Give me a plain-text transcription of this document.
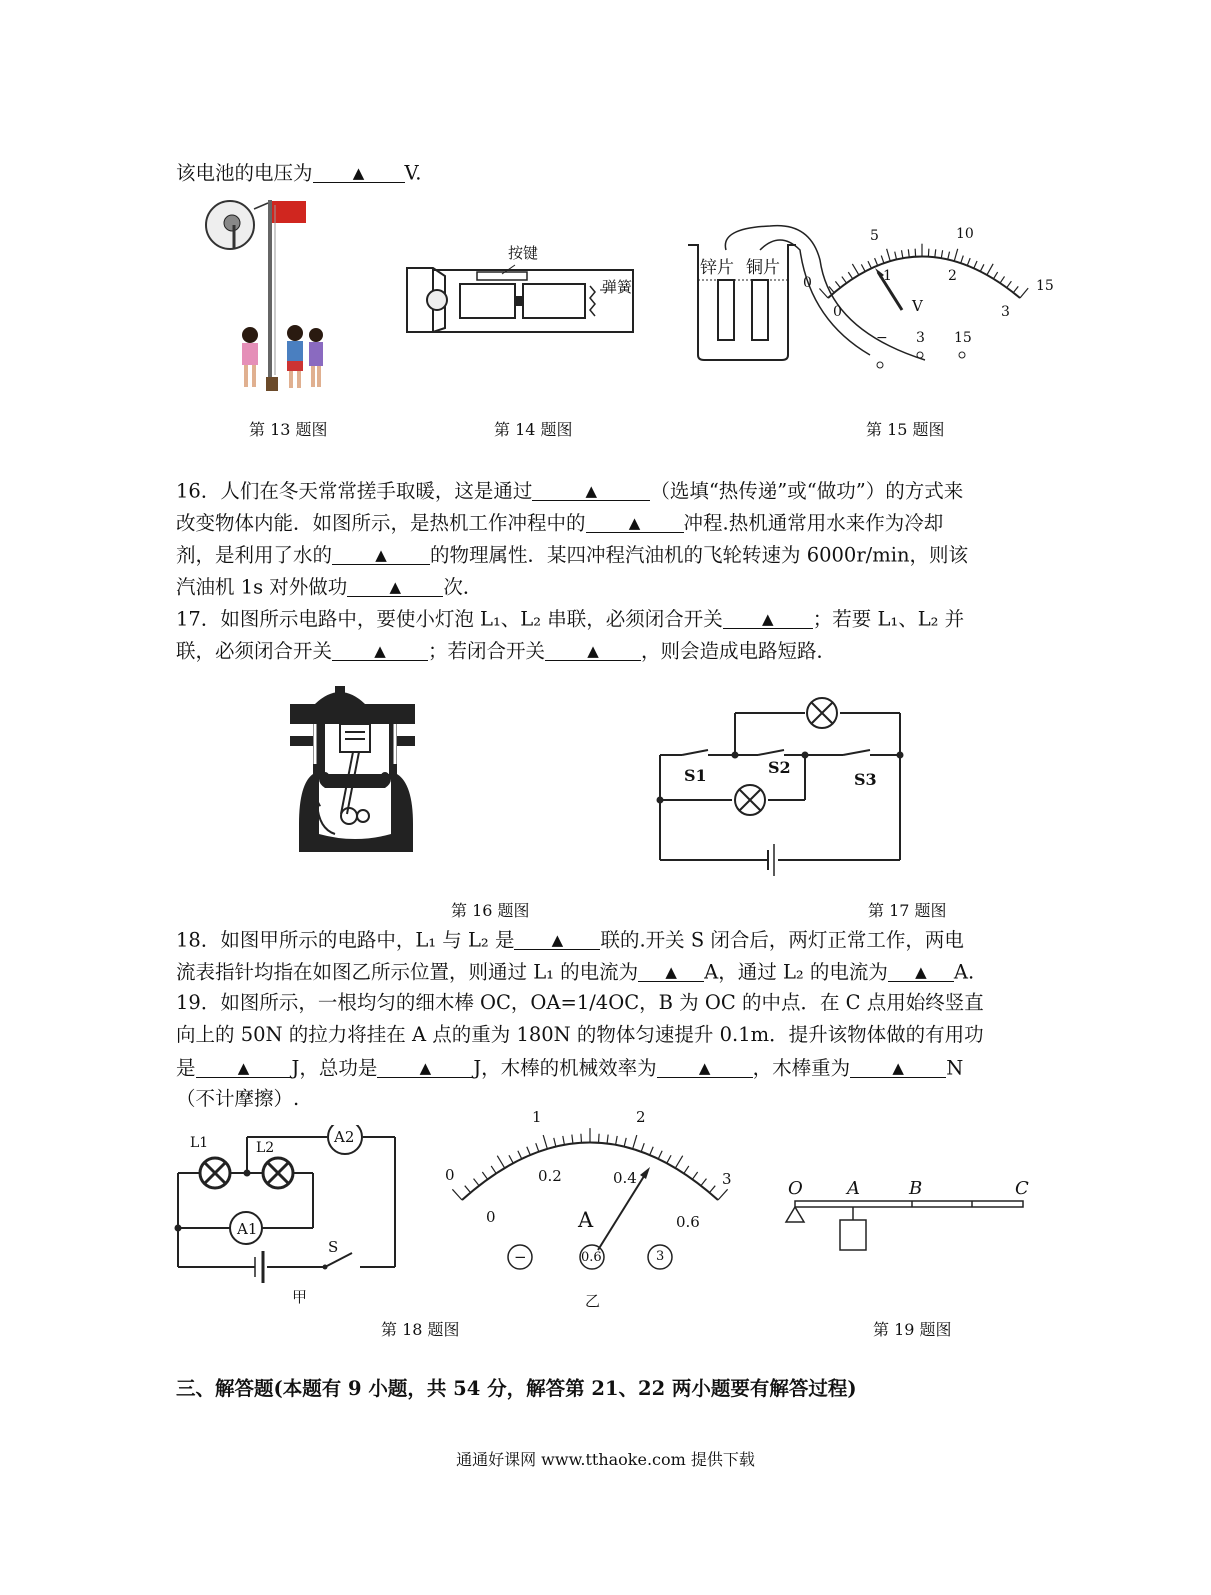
该电池的电压为	▲ V.
按键
弹簧
锌片 铜片
V
0
5	10
15
0
1	2
3
− 3 15
第 13 题图	第 14 题图	第 15 题图
16．人们在冬天常常搓手取暖，这是通过	▲	（选填“热传递”或“做功”）的方式来
改变物体内能．如图所示，是热机工作冲程中的	▲ 冲程.热机通常用水来作为冷却
剂，是利用了水的	▲ 的物理属性．某四冲程汽油机的飞轮转速为 6000r/min，则该
汽油机 1s 对外做功	▲ 次．
17．如图所示电路中，要使小灯泡 L₁、L₂ 串联，必须闭合开关	▲ ；若要 L₁、L₂ 并
联，必须闭合开关	▲ ；若闭合开关	▲ ，则会造成电路短路．
S1	S2
S3
第 16 题图	第 17 题图
18．如图甲所示的电路中，L₁ 与 L₂ 是 ▲ 联的.开关 S 闭合后，两灯正常工作，两电
流表指针均指在如图乙所示位置，则通过 L₁ 的电流为 ▲ A，通过 L₂ 的电流为 ▲ A.
19．如图所示，一根均匀的细木棒 OC，OA=1/4OC，B 为 OC 的中点．在 C 点用始终竖直
向上的 50N 的拉力将挂在 A 点的重为 180N 的物体匀速提升 0.1m．提升该物体做的有用功
是	▲ J，总功是	▲ J，木棒的机械效率为	▲ ，木棒重为	▲ N
（不计摩擦）.
L1	L2
A1
A2
S
甲
1	2
0	3
0
0.2	0.4
0.6
A
−	0.6	3
乙
O A	B	C
第 18 题图	第 19 题图
三、解答题(本题有 9 小题，共 54 分，解答第 21、22 两小题要有解答过程)
通通好课网 www.tthaoke.com 提供下载
